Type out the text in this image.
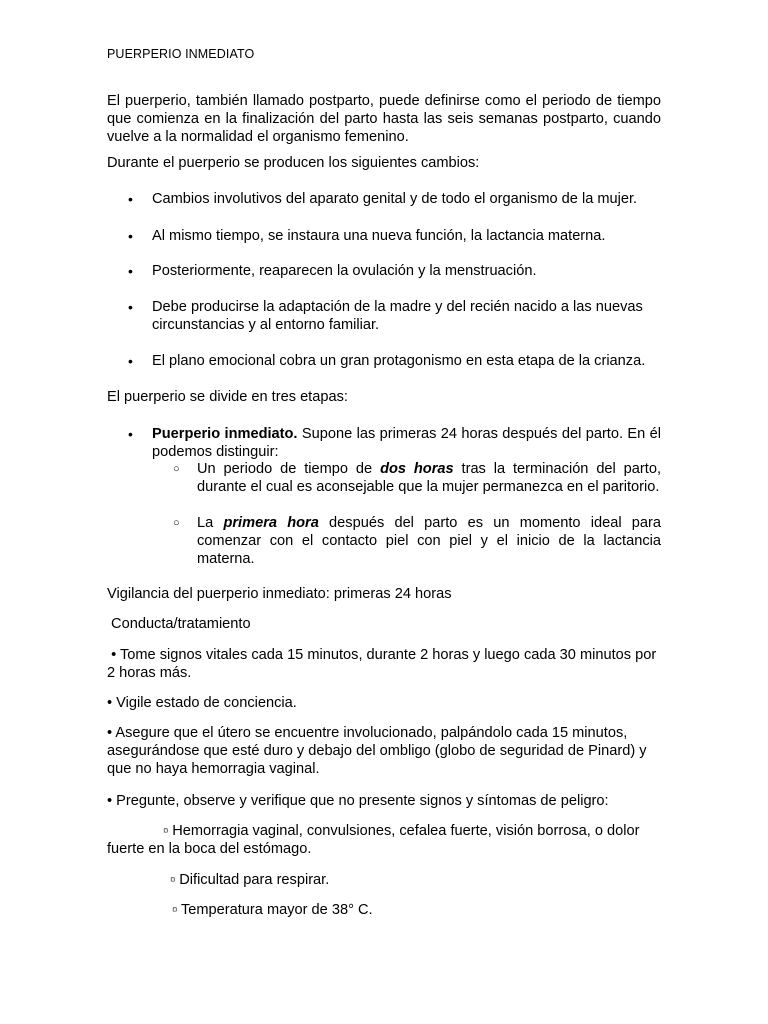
PUERPERIO INMEDIATO
El puerperio, también llamado postparto, puede definirse como el periodo de tiempo que comienza en la finalización del parto hasta las seis semanas postparto, cuando vuelve a la normalidad el organismo femenino.
Durante el puerperio se producen los siguientes cambios:
•	Cambios involutivos del aparato genital y de todo el organismo de la mujer.
•	Al mismo tiempo, se instaura una nueva función, la lactancia materna.
•	Posteriormente, reaparecen la ovulación y la menstruación.
•	Debe producirse la adaptación de la madre y del recién nacido a las nuevas circunstancias y al entorno familiar.
•	El plano emocional cobra un gran protagonismo en esta etapa de la crianza.
El puerperio se divide en tres etapas:
•	Puerperio inmediato. Supone las primeras 24 horas después del parto. En él podemos distinguir:
○ Un periodo de tiempo de dos horas tras la terminación del parto, durante el cual es aconsejable que la mujer permanezca en el paritorio.
○ La primera hora después del parto es un momento ideal para comenzar con el contacto piel con piel y el inicio de la lactancia materna.
Vigilancia del puerperio inmediato: primeras 24 horas
Conducta/tratamiento
• Tome signos vitales cada 15 minutos, durante 2 horas y luego cada 30 minutos por 2 horas más.
• Vigile estado de conciencia.
• Asegure que el útero se encuentre involucionado, palpándolo cada 15 minutos, asegurándose que esté duro y debajo del ombligo (globo de seguridad de Pinard) y que no haya hemorragia vaginal.
• Pregunte, observe y verifique que no presente signos y síntomas de peligro:
▫ Hemorragia vaginal, convulsiones, cefalea fuerte, visión borrosa, o dolor fuerte en la boca del estómago.
▫ Dificultad para respirar.
▫ Temperatura mayor de 38° C.
